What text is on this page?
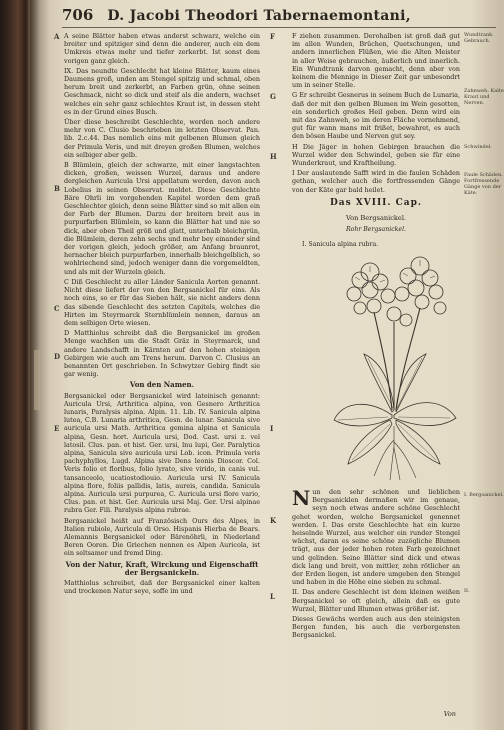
706 D. Jacobi Theodori Tabernaemontani,
A
B
C
D
E
F
G
H
I
K
L

A seine Blätter haben etwas anderst schwarz, welche ein breiter und spitziger sind denn die anderer, auch ein dem Umkreis etwas mehr und tiefer zerkerbt. Ist sonst dem vorigen ganz gleich.

IX. Das neundte Geschlecht hat kleine Blätter, kaum eines Daumens groß, unden am Stengel spitzig und schmal, oben herum breit und zerkerbt, an Farben grün, ohne seinen Geschmack, nicht so dick und steif als die andern, wachset welches ein sehr ganz schlechtes Kraut ist, in dessen steht es in der Grund eines Busch.

Über diese beschreibt Geschlechte, werden noch andere mehr von C. Clusio beschrieben im letzten Observat. Pan. lib. 2.c.44. Das nemlich eins mit gelbenen Blumen gleich der Primula Veris, und mit dreyen großen Blumen, welches ein selbiger aber gelb.

B Blümlein, gleich der schwarze, mit einer langstachten dicken, großen, weissen Wurzel, daraus und andere dergleichen Auricula Ursi appellatum werden, davon auch Lobelius in seinen Observat. meldet. Diese Geschlechte Bäre Ohrli im vorgehenden Kapitel worden dem graß Geschlechter gleich, denn seine Blätter sind so mit allen ein der Farb der Blumen. Darzu der breitern breit aus in purpurfarben Blümlein, so kann die Blätter hat und nie so dick, aber oben Theil größ und glatt, unterhalb bleichgrün, die Blümlein, deren zehn sechs und mehr bey einander sind der vorigen gleich, jedoch größer, am Anfang braunrot, hernacher bleich purpurfarben, innerhalb bleichgelblich, so wohlriechend sind, jedoch weniger dann die vorgemeldten, und als mit der Wurzeln gleich.

C Diß Geschlecht zu aller Länder Sanicula Aorten genannt. Nicht diese liefert der von den Bergsanickel für eins. Als noch eins, so er für das Sieben hält, sie nicht anders denn das sibende Geschlecht des setzten Capitels, welches die Hirten im Steyrmarck Sternblümlein nennen, daraus an dem selbigen Orte wiesen.

D Matthiolus schreibt daß die Bergsanickel im großen Menge wachßen um die Stadt Gräz in Steyrmarck, und andere Landschafft in Kärnten auf den hohen steinigen Gebirgen wie auch am Trens herum. Darvon C. Clusius an benannten Ort geschrieben. In Schwytzer Gebirg findt sie gar wenig.

Von den Namen.

Bergsanickel oder Bergsanickel wird lateinisch genannt: Auricula Ursi, Arthritica alpina, von Gesnero Arthritica lunaris, Paralysis alpina. Alpin. 11. Lib. IV. Sanicula alpina lutea, C.B. Lunaria arthritica, Gesn. de lunar. Sanicula sive auricula ursi Math. Arthritica gemina alpina et Sanicula alpina, Gesn. hort. Auricula ursi, Dod. Cast. ursi z. vel latosil. Clus. pan. et hist. Ger. ursi, lnu lupi, Ger. Paralytica alpina, Sanicula sive auricula ursi Lob. icon. Primula veris pachyphyllos, Lugd. Alpina sive Dens leonis Dioscor. Col. Veris folio et floribus, folio lyrato, sive virido, in canis vul. tansanceolo, ucatiostodiouio. Auricula ursi IV. Sanicula alpina flore, foliis pallidis, latis, aureis, candida. Sanicula alpina. Auricula ursi purpurea, C. Auricula ursi flore vario, Clus. pan. et hist. Ger. Auricula ursi Maj. Ger. Ursi alpinae rubra Ger. Fili. Paralysis alpina rubrae.

Bergsanickel heißt auf Französisch Ours des Alpes, in Italien rubiole, Auricula di Orso. Hispanis Hierba de Bears. Alemannis Bergsanickel oder Bärenöhrli, in Niederland Beren Ooren. Die Griechen nennen es Alpen Auricola, ist ein seltsamer und fremd Ding.

Von der Natur, Kraft, Wirckung und Eigenschafft der Bergsanickeln.

Matthiolus schreibet, daß der Bergsanickel einer kalten und trockenen Natur seye, soffe im und

F ziehen zusammen. Derohalben ist groß daß gut im allen Wunden, Brüchen, Quetschungen, und andern innerlichen Flüßen, wie die Alten Meister in aller Weise gebrauchen, äußerlich und innerlich. Ein Wundtrank darvon gemacht, denn aber von keinem die Mennige in Dieser Zeit gar unbesondrt um in seiner Stelle.

G Er schreibt Gesnerus in seinem Buch de Lunaria, daß der mit den gelben Blumen im Wein gesotten, ein sonderlich großes Heil geben. Denn wird ein mit das Zahnweh, so im deren Fläche vornehmend, gut für wann mans mit frißet, bewahret, es auch den bösen Haube und Nerven gut sey.

H Die Jäger in hohen Gebirgen brauchen die Wurzel wider den Schwindel, geben sie für eine Wunderkraut, und Kraftheilung.

I Der auslautende Safft wird in die faulen Schäden gethan, welcher auch die fortfressenden Gänge von der Käte gar bald heilet.

Das XVIII. Cap.
Von Bergsanickel.
Rohr Bergsanickel.
I. Sanicula alpina rubra.
N un den sehr schönen und lieblichen Bergsanicklen dermaßen wir im genaue, seyn noch etwas andere schöne Geschlecht gehet worden, welche Bergsanickel genennet werden. I. Das erste Geschlechte hat ein kurze heiselnde Wurzel, aus welcher ein runder Stengel wächst, daran es seine schöne zuzögliche Blumen trägt, aus der jeder hohen roten Farb gezeichnet und gelinden. Seine Blätter sind dick und etwas dick lang und breit, von mittler, zehn rötlicher an der Erden liegen, ist andere umgeben den Stengel und haben in die Höhe eine sieben zu schmal.

II. Das andere Geschlecht ist dem kleinen weißen Bergsanickel so oft gleich, allein daß es gute Wurzel, Blätter und Blumen etwas größer ist.

Dieses Gewächs werden auch aus den steinigsten Bergen funden, bis auch die verborgensten Bergsanickel.

Wundtrank. Gebrauch.
Zahnweh. Kalte Kraut und Nerven.
Schwindel.
Faule Schäden. Fortfressende Gänge von der Käte.
I. Bergsanickel.
II.
Von
